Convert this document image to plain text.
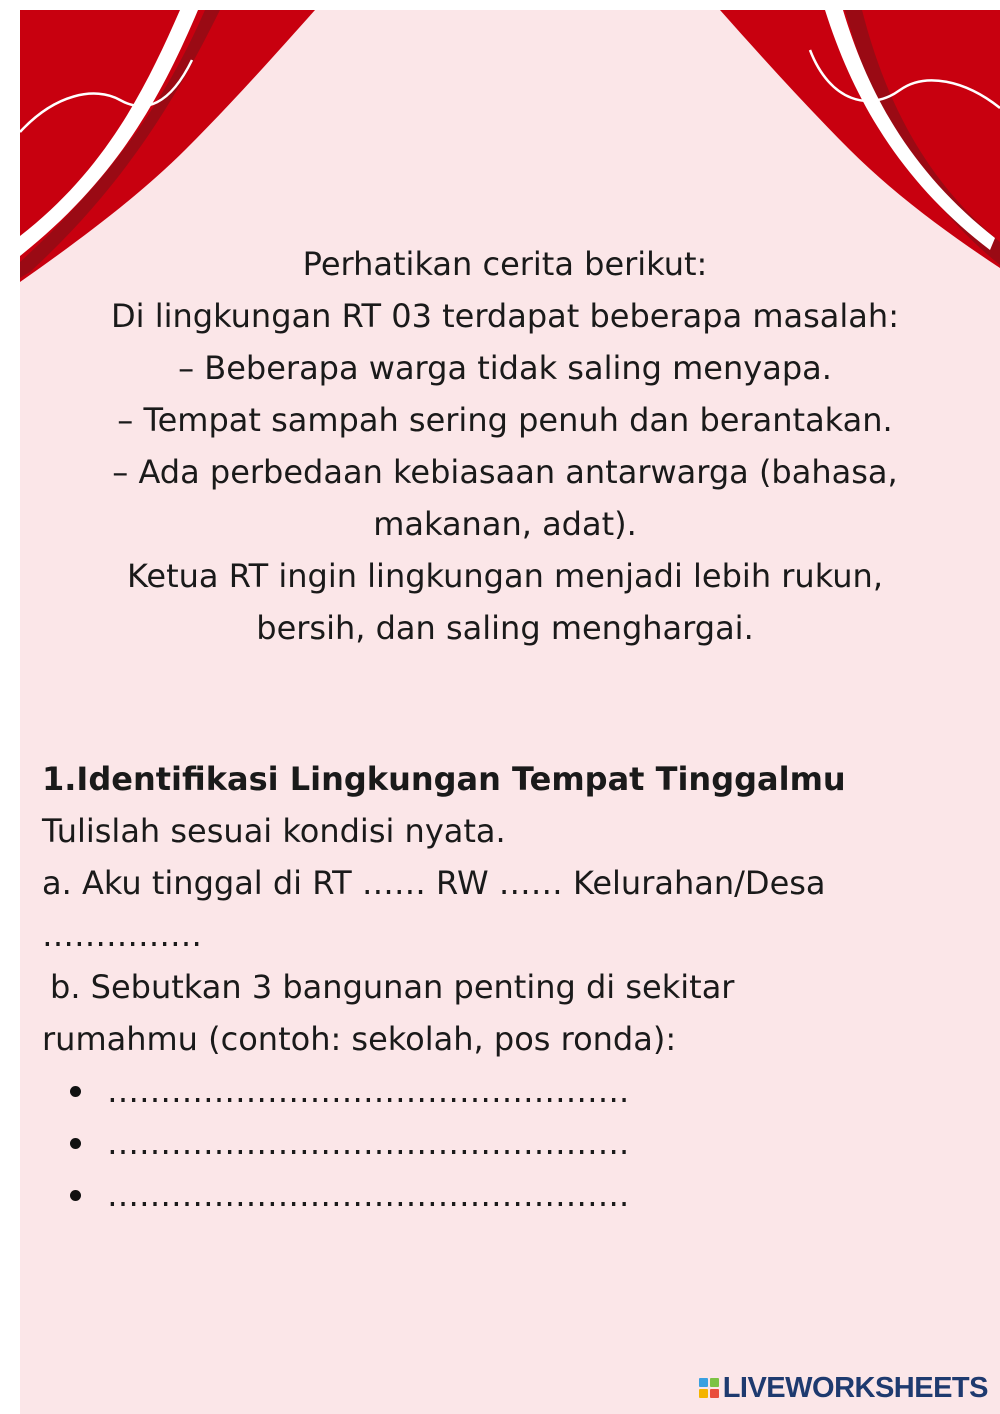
Perhatikan cerita berikut:

Di lingkungan RT 03 terdapat beberapa masalah:

– Beberapa warga tidak saling menyapa.

– Tempat sampah sering penuh dan berantakan.

– Ada perbedaan kebiasaan antarwarga (bahasa,

makanan, adat).

Ketua RT ingin lingkungan menjadi lebih rukun,

bersih, dan saling menghargai.

1.Identifikasi Lingkungan Tempat Tinggalmu

Tulislah sesuai kondisi nyata.

a. Aku tinggal di RT …… RW …… Kelurahan/Desa

……………

b. Sebutkan 3 bangunan penting di sekitar

rumahmu (contoh: sekolah, pos ronda):

………………………………………….
………………………………………….
………………………………………….
LIVEWORKSHEETS
